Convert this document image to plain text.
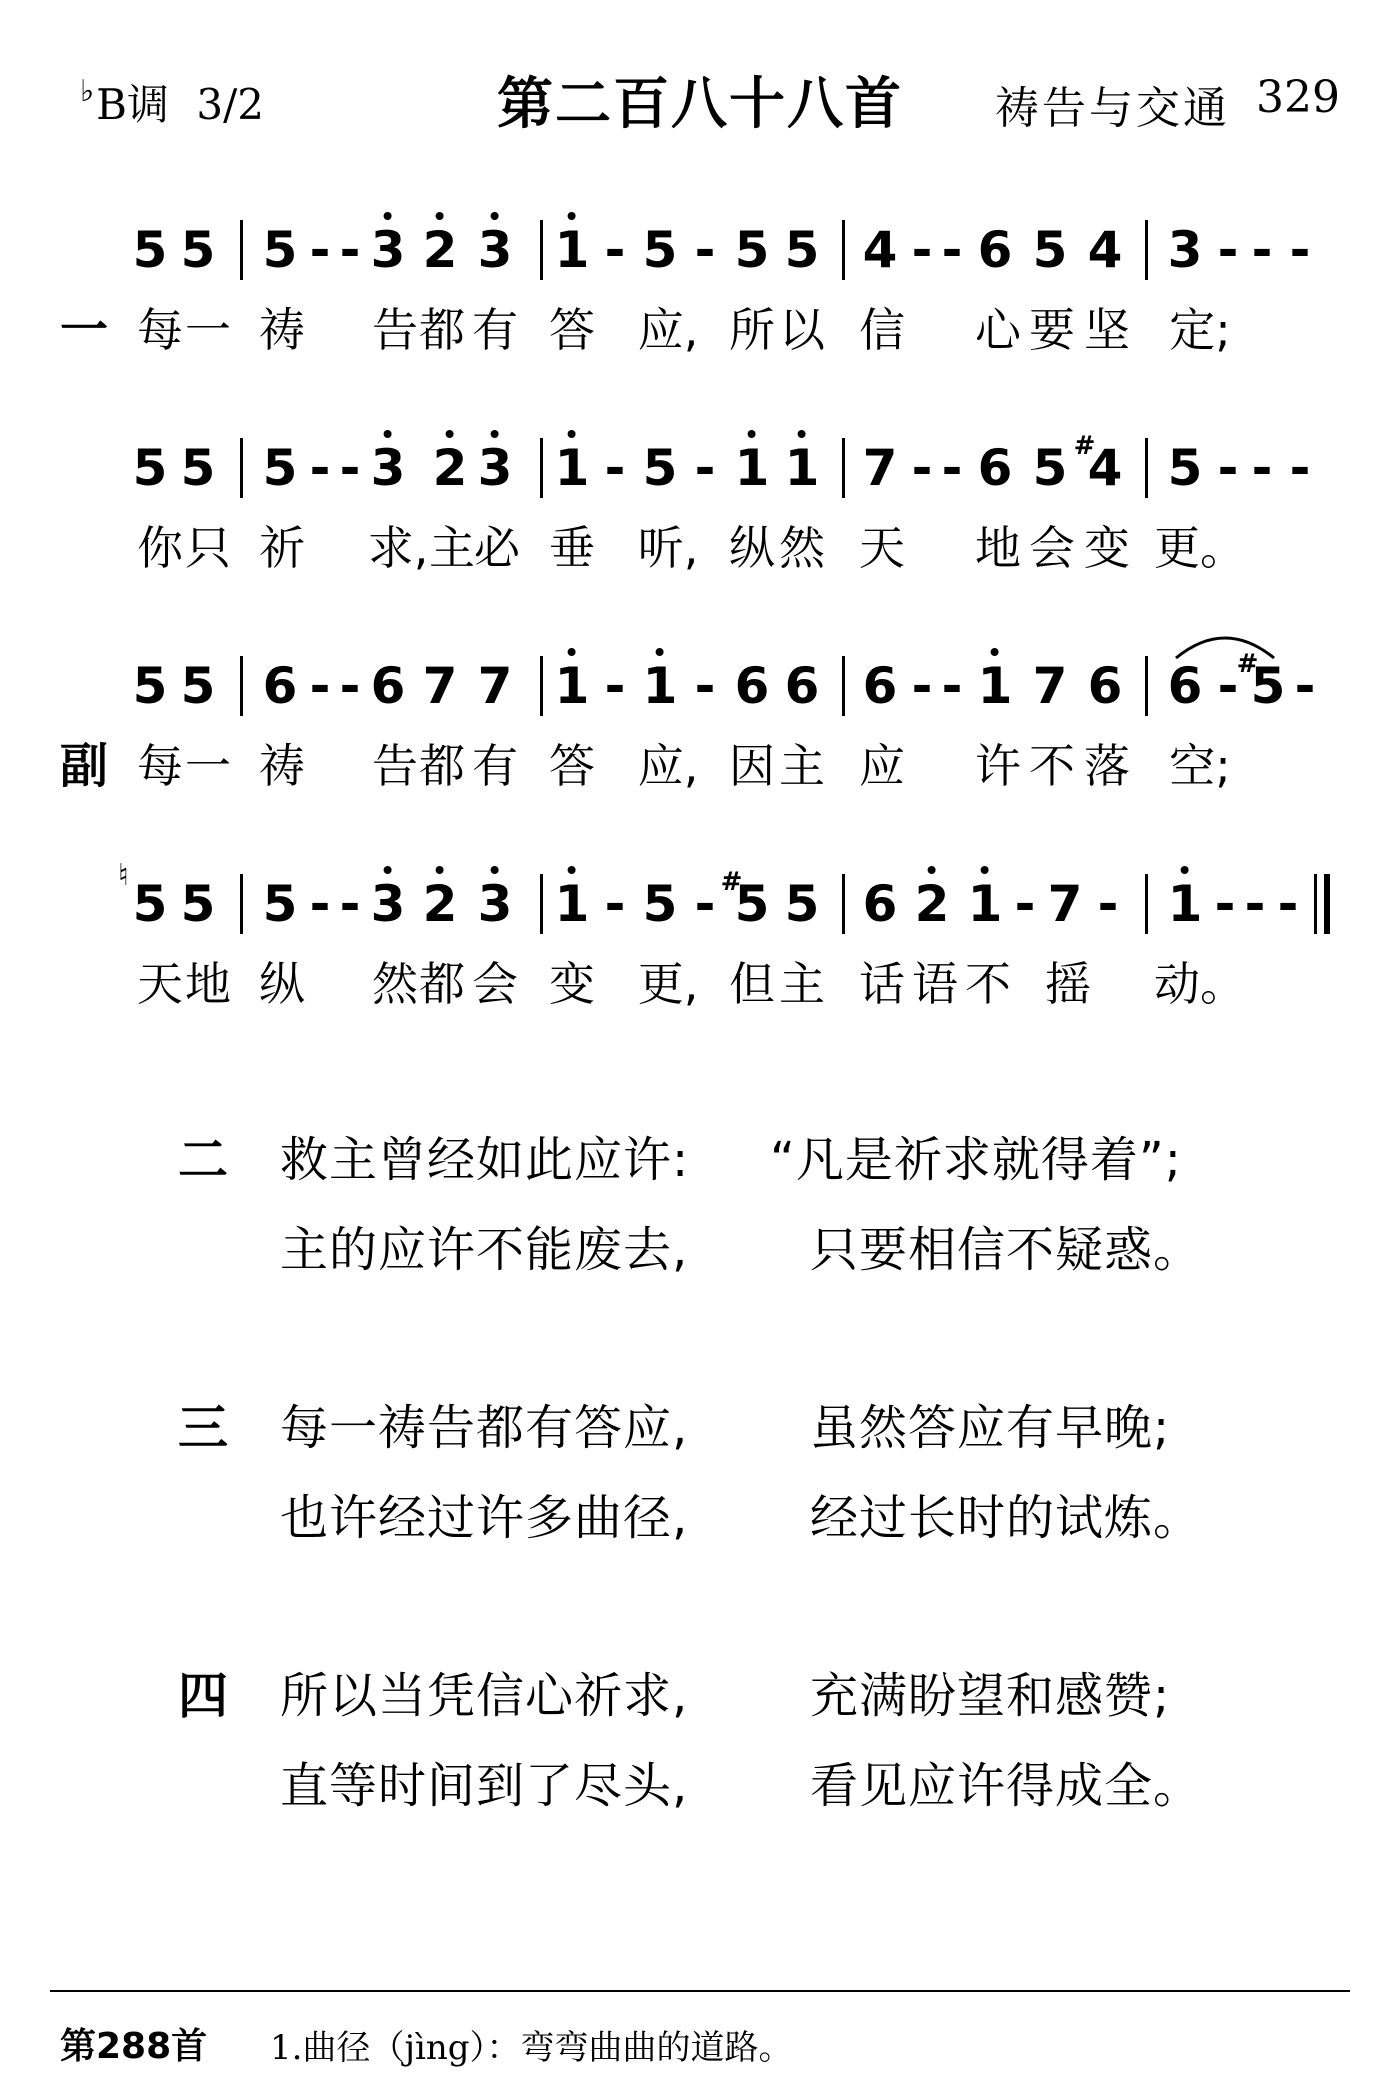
♭B调 3/2	第二百八十八首	祷告与交通 329
5 5 5 - - 3 2 3 1 - 5 - 5 5 4 - - 6 5 4 3 - - -
一 每 一 祷 告 都 有 答 应, 所 以 信 心 要 坚 定;
5 5 5 - - 3 2 3 1 - 5 - 1 1 7 - - 6 5 #
4 5 - - -
你 只 祈 求, 主 必 垂 听, 纵 然 天 地 会 变 更。
5 5 6 - - 6 7 7 1 - 1 - 6 6 6 - - 1 7 6 6 -
#
5 -
副 每 一 祷 告 都 有 答 应, 因 主 应 许 不 落 空;
♮ 5 5 5 - - 3 2 3 1 - 5 - #
5 5 6 2 1 - 7 - 1 - - -
天 地 纵 然 都 会 变 更, 但 主 话 语 不 摇 动。
二 救主曾经如此应许: “凡是祈求就得着”;
主的应许不能废去,	只要相信不疑惑。
三 每一祷告都有答应,	虽然答应有早晚;
也许经过许多曲径,	经过长时的试炼。
四 所以当凭信心祈求,	充满盼望和感赞;
直等时间到了尽头,	看见应许得成全。
第288首 1.曲径（jìng）：弯弯曲曲的道路。
